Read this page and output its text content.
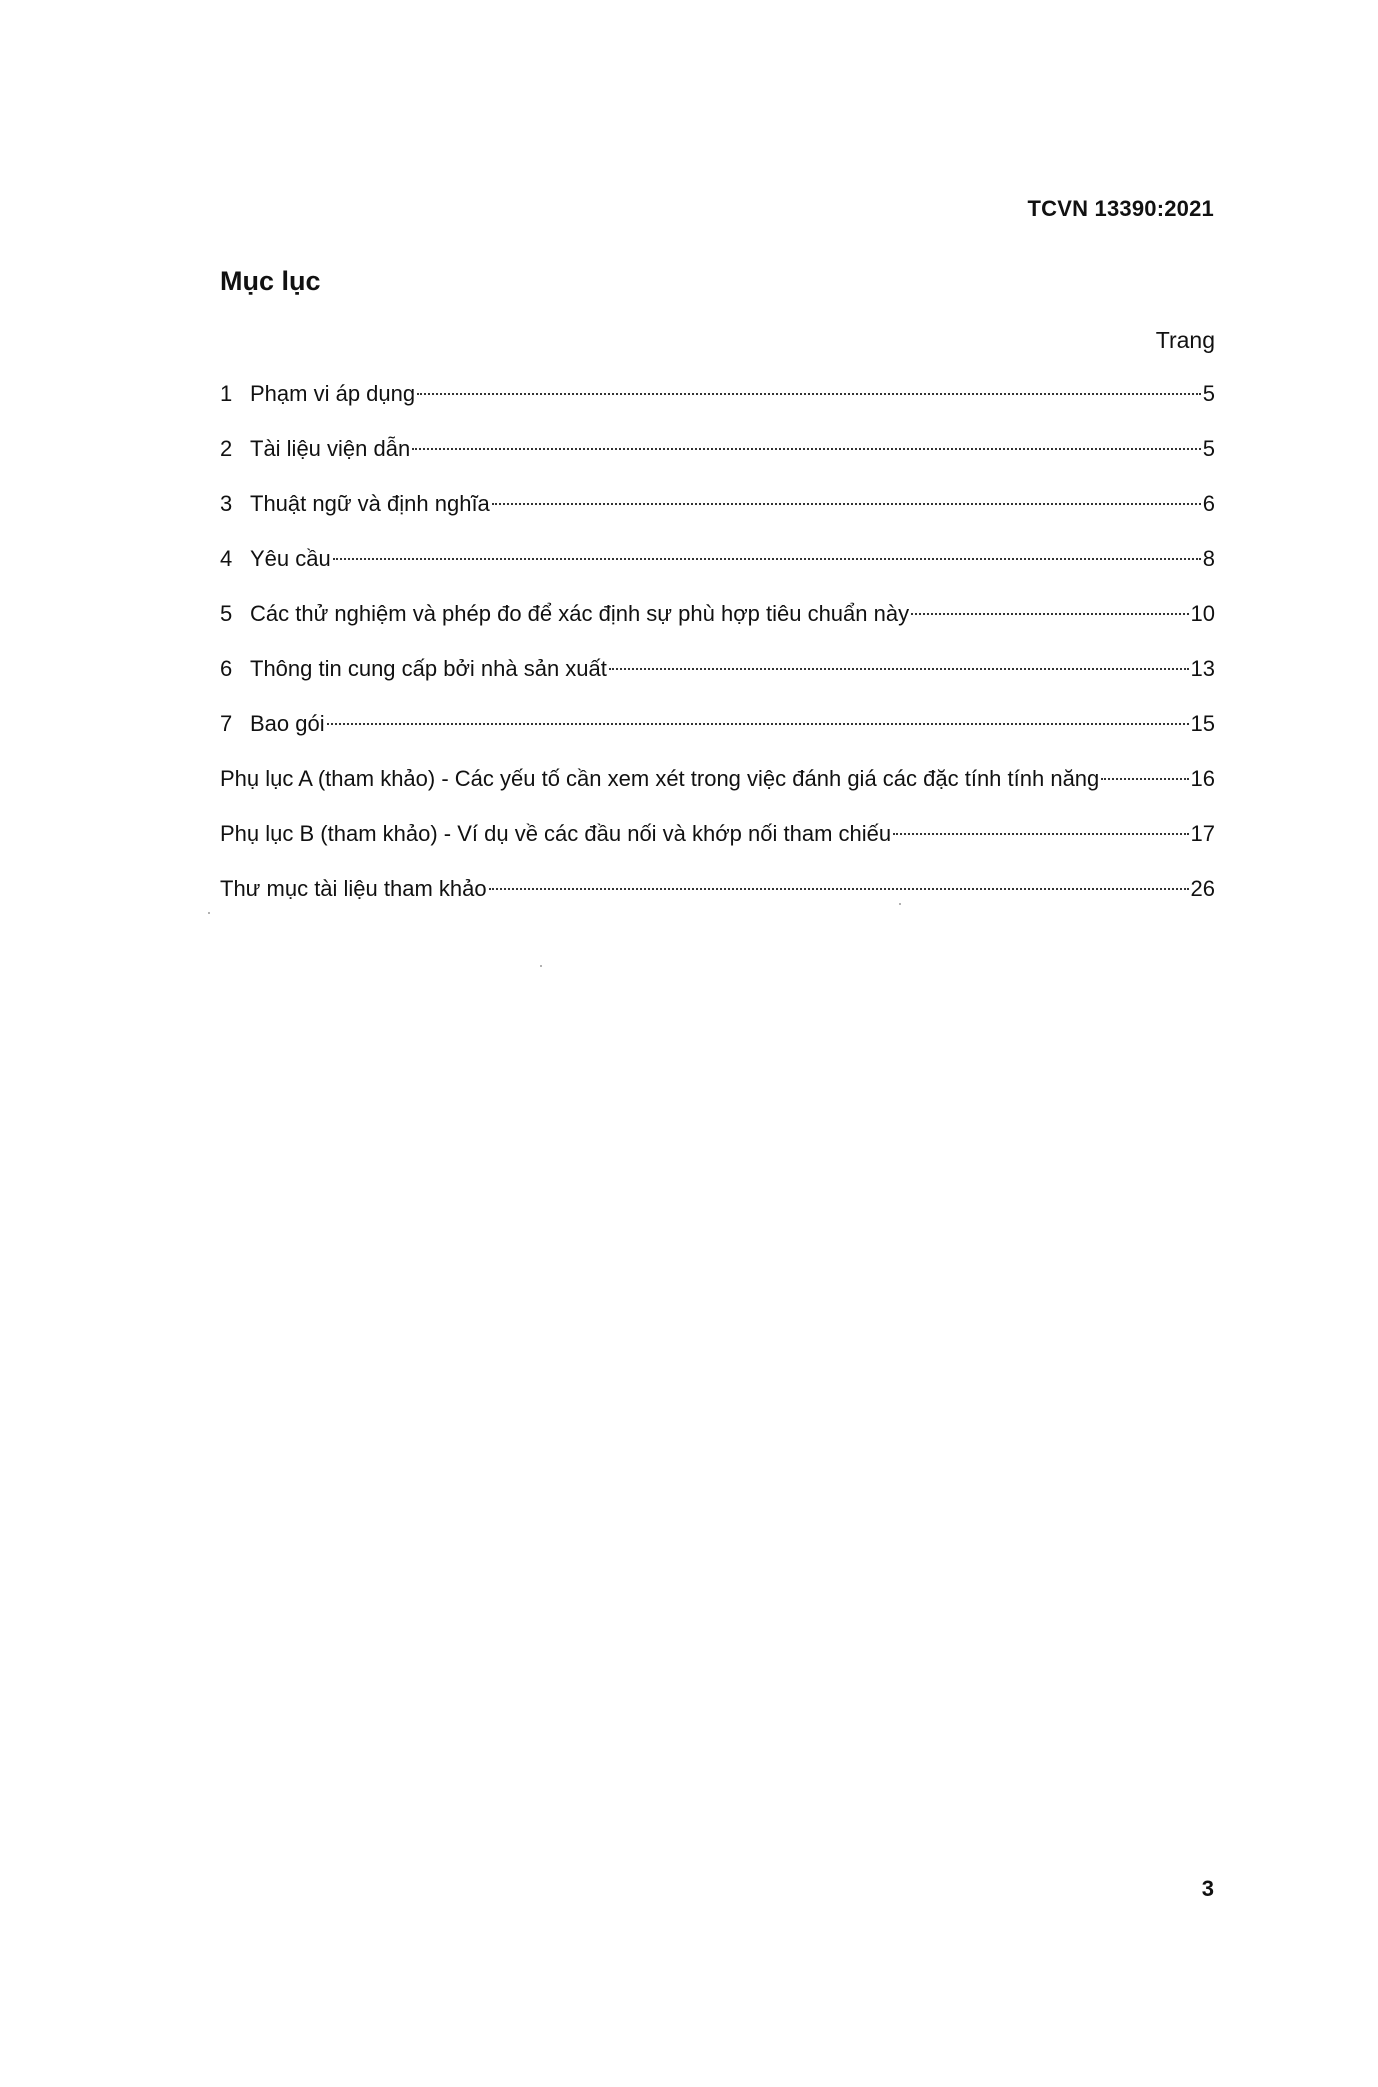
TCVN 13390:2021
Mục lục
Trang
1 Phạm vi áp dụng	5
2 Tài liệu viện dẫn	5
3 Thuật ngữ và định nghĩa	6
4 Yêu cầu	8
5 Các thử nghiệm và phép đo để xác định sự phù hợp tiêu chuẩn này	10
6 Thông tin cung cấp bởi nhà sản xuất	13
7 Bao gói	15
Phụ lục A (tham khảo) - Các yếu tố cần xem xét trong việc đánh giá các đặc tính tính năng	16
Phụ lục B (tham khảo) - Ví dụ về các đầu nối và khớp nối tham chiếu	17
Thư mục tài liệu tham khảo	26
3
